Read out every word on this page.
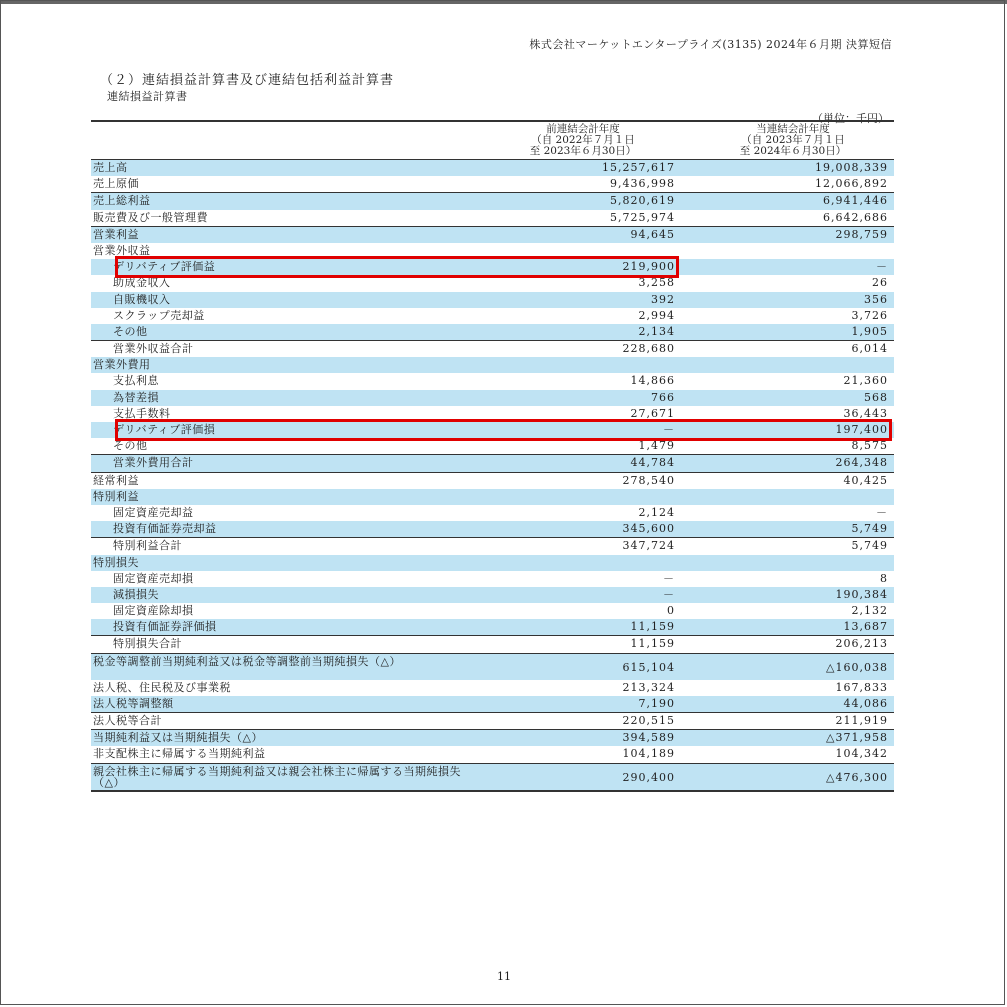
株式会社マーケットエンタープライズ(3135) 2024年６月期 決算短信
（２）連結損益計算書及び連結包括利益計算書
連結損益計算書
（単位：千円）
前連結会計年度
（自 2022年７月１日
至 2023年６月30日）
当連結会計年度
（自 2023年７月１日
至 2024年６月30日）
売上高	15,257,617	19,008,339
売上原価	9,436,998	12,066,892
売上総利益	5,820,619	6,941,446
販売費及び一般管理費	5,725,974	6,642,686
営業利益	94,645	298,759
営業外収益
デリバティブ評価益	219,900	－
助成金収入	3,258	26
自販機収入	392	356
スクラップ売却益	2,994	3,726
その他	2,134	1,905
営業外収益合計	228,680	6,014
営業外費用
支払利息	14,866	21,360
為替差損	766	568
支払手数料	27,671	36,443
デリバティブ評価損	－	197,400
その他	1,479	8,575
営業外費用合計	44,784	264,348
経常利益	278,540	40,425
特別利益
固定資産売却益	2,124	－
投資有価証券売却益	345,600	5,749
特別利益合計	347,724	5,749
特別損失
固定資産売却損	－	8
減損損失	－	190,384
固定資産除却損	0	2,132
投資有価証券評価損	11,159	13,687
特別損失合計	11,159	206,213
税金等調整前当期純利益又は税金等調整前当期純損失（△）	615,104	△160,038
法人税、住民税及び事業税	213,324	167,833
法人税等調整額	7,190	44,086
法人税等合計	220,515	211,919
当期純利益又は当期純損失（△）	394,589	△371,958
非支配株主に帰属する当期純利益	104,189	104,342
親会社株主に帰属する当期純利益又は親会社株主に帰属する当期純損失（△）	290,400	△476,300
11
